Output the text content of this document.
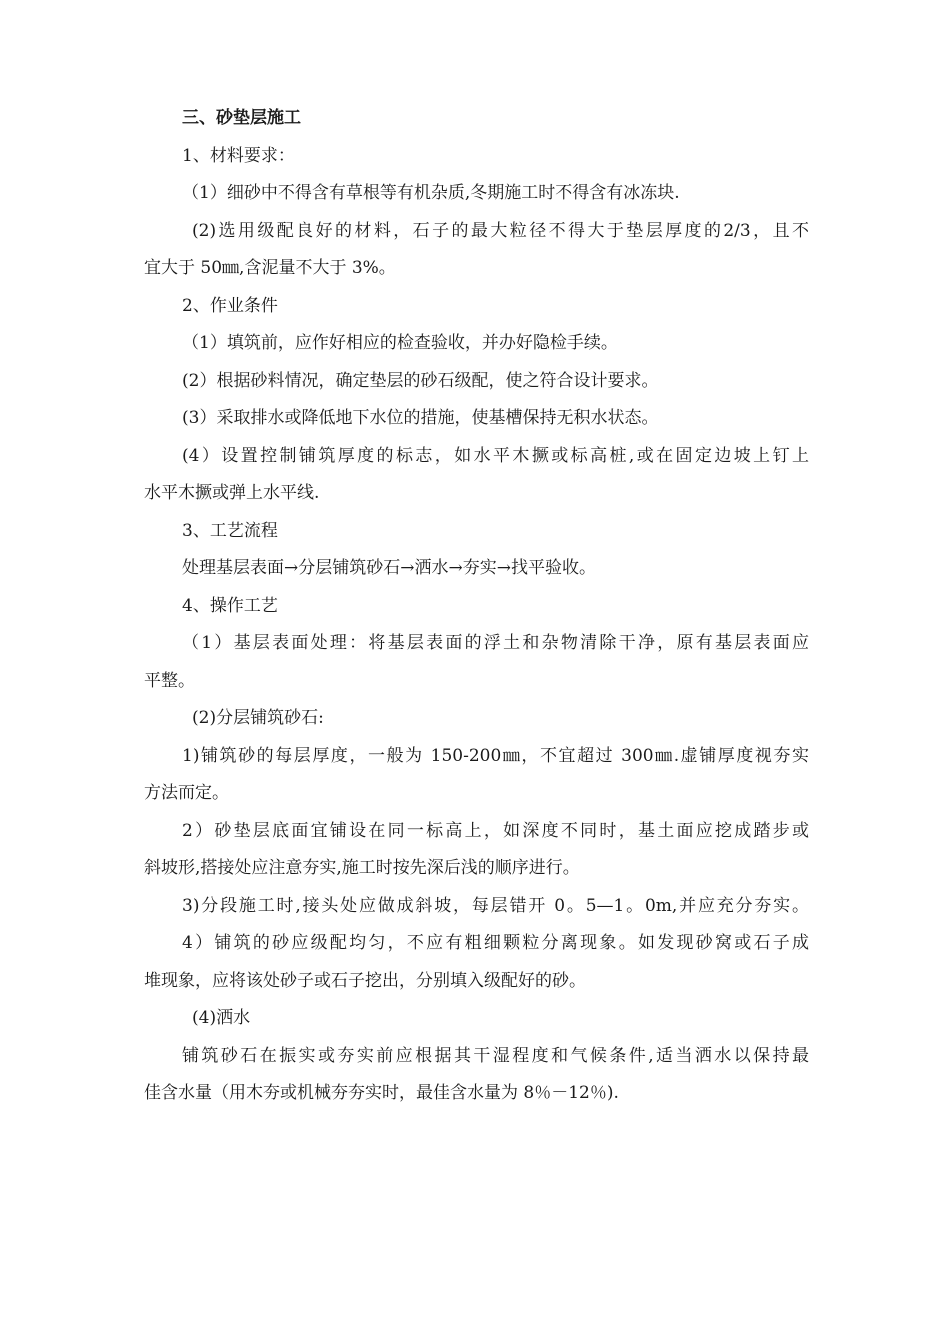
三、砂垫层施工
1、材料要求：
（1）细砂中不得含有草根等有机杂质,冬期施工时不得含有冰冻块.
(2)选用级配良好的材料，石子的最大粒径不得大于垫层厚度的2/3，且不
宜大于 50㎜,含泥量不大于 3%。
2、作业条件
（1）填筑前，应作好相应的检查验收，并办好隐检手续。
(2）根据砂料情况，确定垫层的砂石级配，使之符合设计要求。
(3）采取排水或降低地下水位的措施，使基槽保持无积水状态。
(4）设置控制铺筑厚度的标志，如水平木撅或标高桩,或在固定边坡上钉上
水平木撅或弹上水平线.
3、工艺流程
处理基层表面→分层铺筑砂石→洒水→夯实→找平验收。
4、操作工艺
（1）基层表面处理：将基层表面的浮土和杂物清除干净，原有基层表面应
平整。
(2)分层铺筑砂石:
1)铺筑砂的每层厚度，一般为 150-200㎜，不宜超过 300㎜.虚铺厚度视夯实
方法而定。
2）砂垫层底面宜铺设在同一标高上，如深度不同时，基土面应挖成踏步或
斜坡形,搭接处应注意夯实,施工时按先深后浅的顺序进行。
3)分段施工时,接头处应做成斜坡，每层错开 0。5—1。0m,并应充分夯实。
4）铺筑的砂应级配均匀，不应有粗细颗粒分离现象。如发现砂窝或石子成
堆现象，应将该处砂子或石子挖出，分别填入级配好的砂。
(4)洒水
铺筑砂石在振实或夯实前应根据其干湿程度和气候条件,适当洒水以保持最
佳含水量（用木夯或机械夯夯实时，最佳含水量为 8％－12％).
